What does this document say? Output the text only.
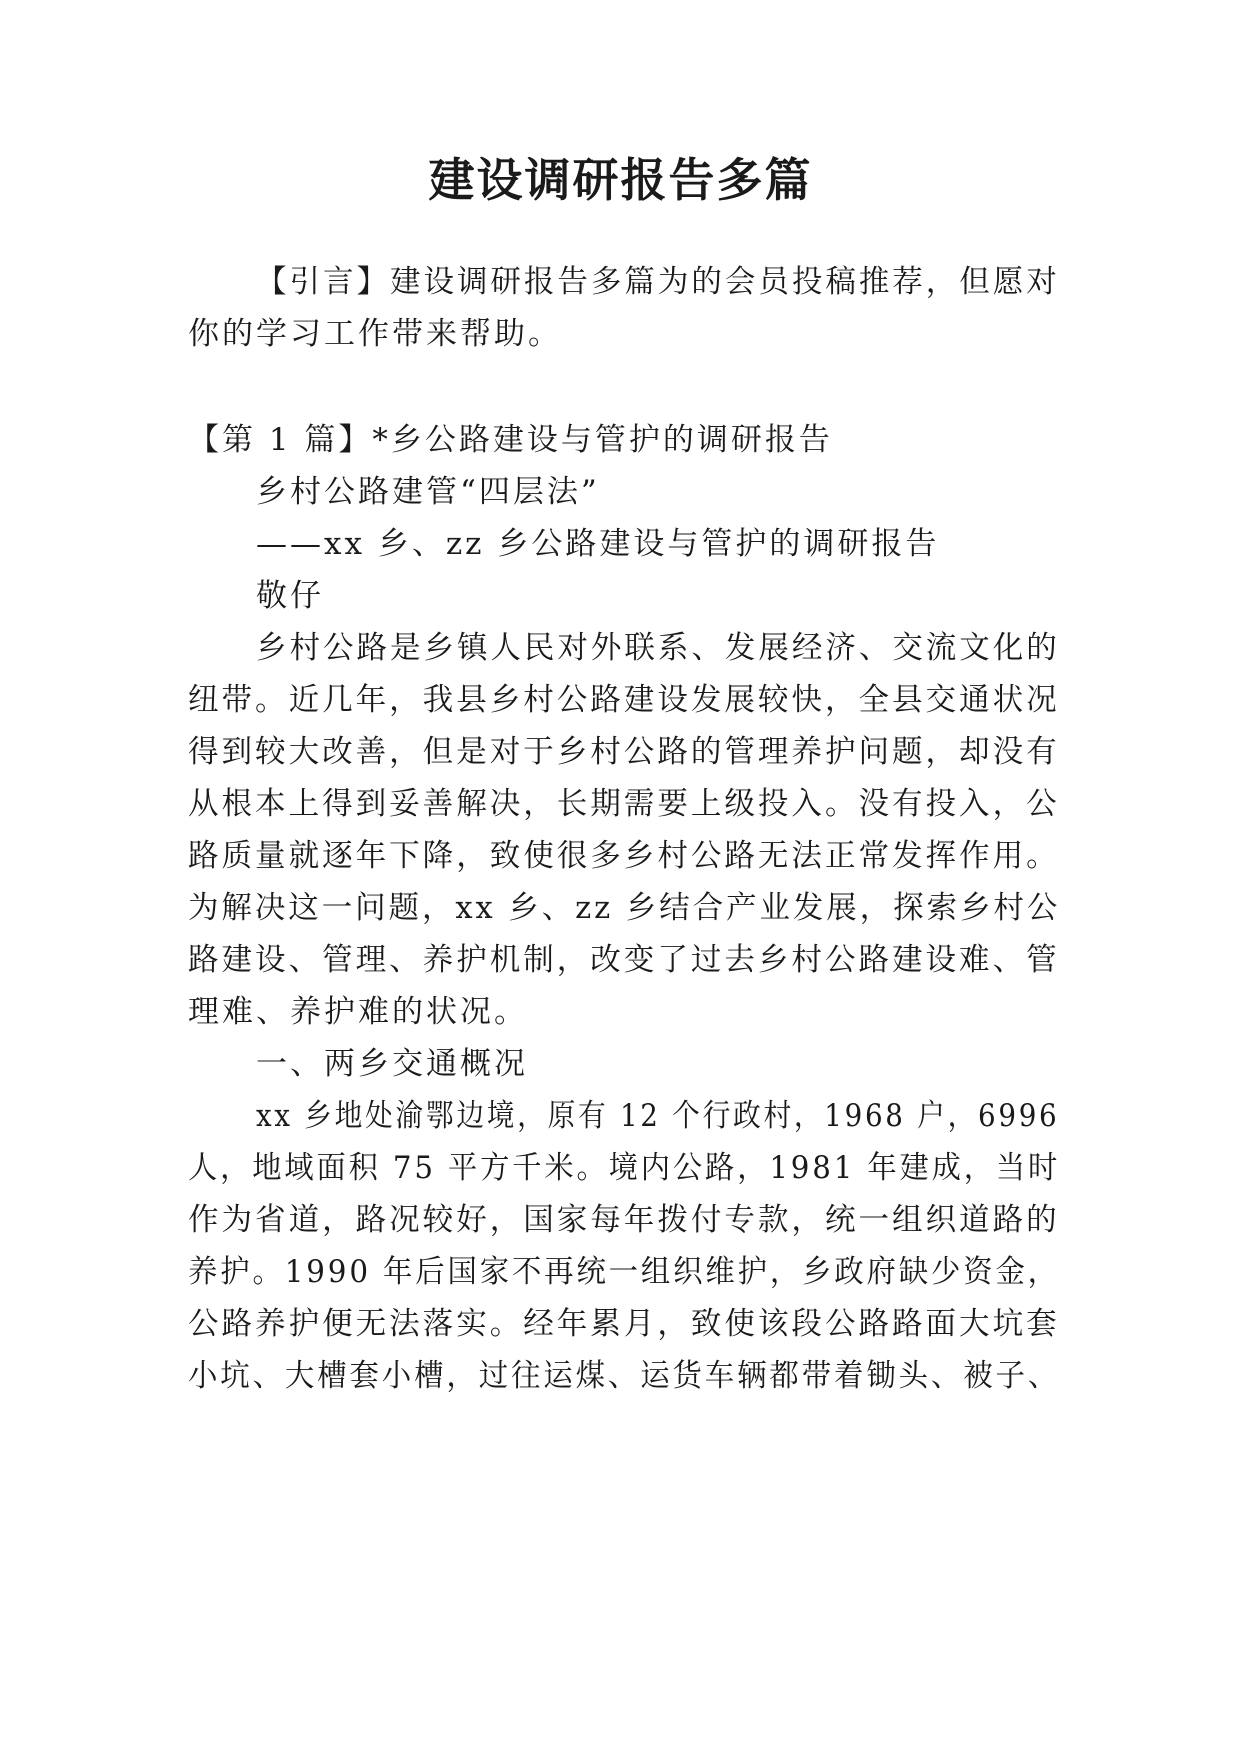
建设调研报告多篇
【引言】建设调研报告多篇为的会员投稿推荐，但愿对
你的学习工作带来帮助。
【第 1 篇】*乡公路建设与管护的调研报告
乡村公路建管“四层法”
——xx 乡、zz 乡公路建设与管护的调研报告
敬仔
乡村公路是乡镇人民对外联系、发展经济、交流文化的
纽带。近几年，我县乡村公路建设发展较快，全县交通状况
得到较大改善，但是对于乡村公路的管理养护问题，却没有
从根本上得到妥善解决，长期需要上级投入。没有投入，公
路质量就逐年下降，致使很多乡村公路无法正常发挥作用。
为解决这一问题，xx 乡、zz 乡结合产业发展，探索乡村公
路建设、管理、养护机制，改变了过去乡村公路建设难、管
理难、养护难的状况。
一、两乡交通概况
xx 乡地处渝鄂边境，原有 12 个行政村，1968 户，6996
人，地域面积 75 平方千米。境内公路，1981 年建成，当时
作为省道，路况较好，国家每年拨付专款，统一组织道路的
养护。1990 年后国家不再统一组织维护，乡政府缺少资金，
公路养护便无法落实。经年累月，致使该段公路路面大坑套
小坑、大槽套小槽，过往运煤、运货车辆都带着锄头、被子、
